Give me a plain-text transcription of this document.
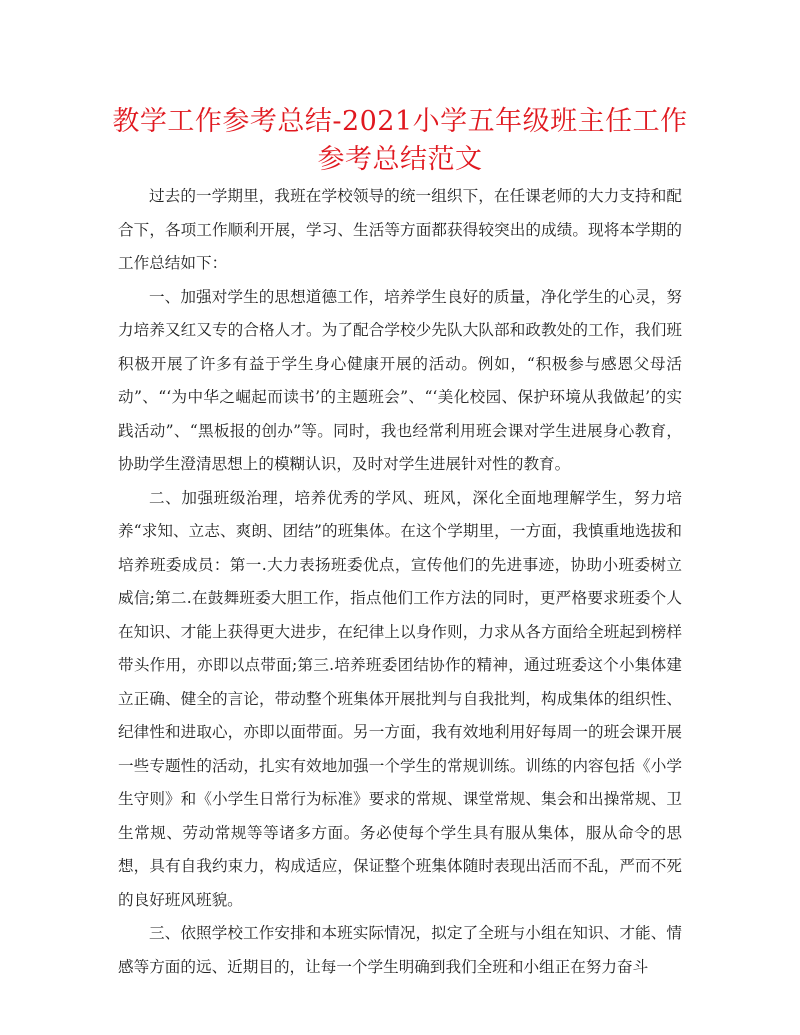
教学工作参考总结-2021小学五年级班主任工作
参考总结范文

过去的一学期里，我班在学校领导的统一组织下，在任课老师的大力支持和配合下，各项工作顺利开展，学习、生活等方面都获得较突出的成绩。现将本学期的工作总结如下：

一、加强对学生的思想道德工作，培养学生良好的质量，净化学生的心灵，努力培养又红又专的合格人才。为了配合学校少先队大队部和政教处的工作，我们班积极开展了许多有益于学生身心健康开展的活动。例如，“积极参与感恩父母活动”、“‘为中华之崛起而读书’的主题班会”、“‘美化校园、保护环境从我做起’的实践活动”、“黑板报的创办”等。同时，我也经常利用班会课对学生进展身心教育，协助学生澄清思想上的模糊认识，及时对学生进展针对性的教育。

二、加强班级治理，培养优秀的学风、班风，深化全面地理解学生，努力培养“求知、立志、爽朗、团结”的班集体。在这个学期里，一方面，我慎重地选拔和培养班委成员：第一.大力表扬班委优点，宣传他们的先进事迹，协助小班委树立威信;第二.在鼓舞班委大胆工作，指点他们工作方法的同时，更严格要求班委个人在知识、才能上获得更大进步，在纪律上以身作则，力求从各方面给全班起到榜样带头作用，亦即以点带面;第三.培养班委团结协作的精神，通过班委这个小集体建立正确、健全的言论，带动整个班集体开展批判与自我批判，构成集体的组织性、纪律性和进取心，亦即以面带面。另一方面，我有效地利用好每周一的班会课开展一些专题性的活动，扎实有效地加强一个学生的常规训练。训练的内容包括《小学生守则》和《小学生日常行为标准》要求的常规、课堂常规、集会和出操常规、卫生常规、劳动常规等等诸多方面。务必使每个学生具有服从集体，服从命令的思想，具有自我约束力，构成适应，保证整个班集体随时表现出活而不乱，严而不死的良好班风班貌。

三、依照学校工作安排和本班实际情况，拟定了全班与小组在知识、才能、情感等方面的远、近期目的，让每一个学生明确到我们全班和小组正在努力奋斗
